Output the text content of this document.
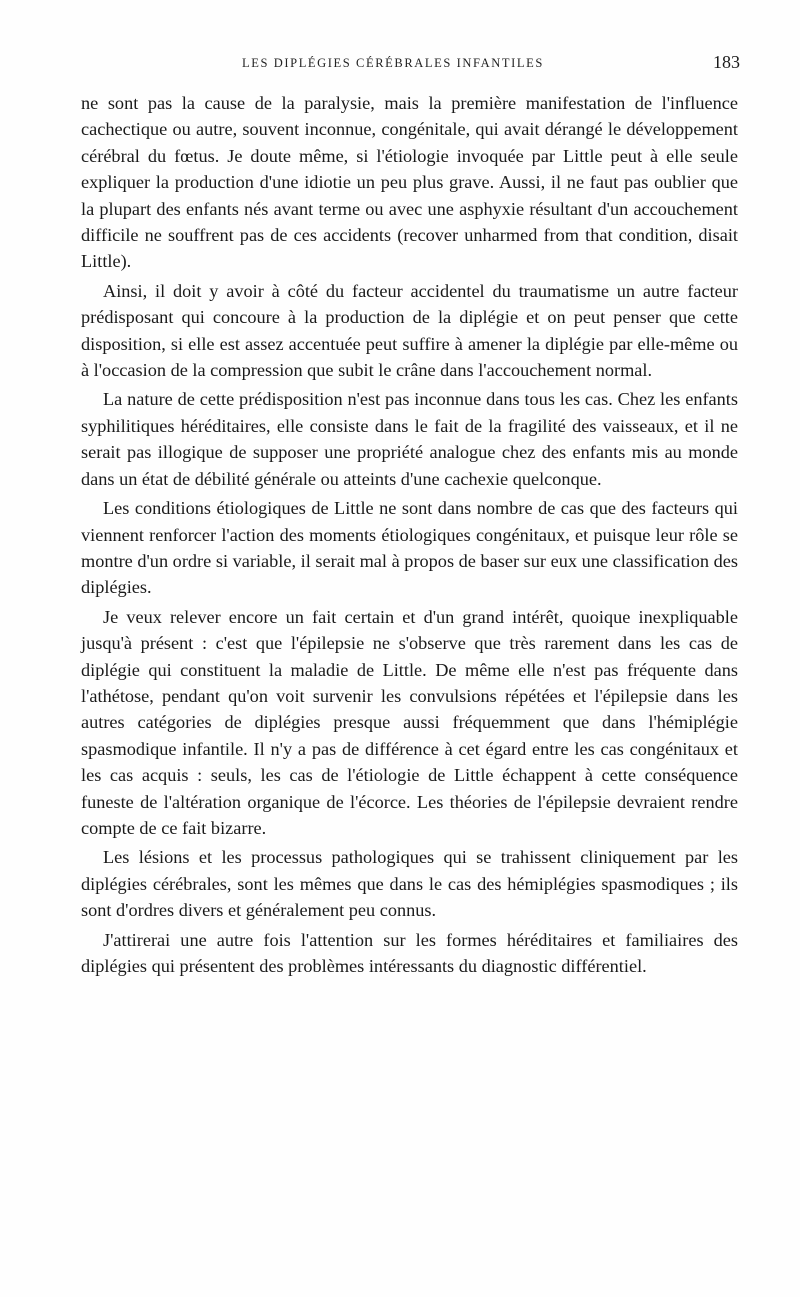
LES DIPLÉGIES CÉRÉBRALES INFANTILES	183

ne sont pas la cause de la paralysie, mais la première manifestation de l'influence cachectique ou autre, souvent inconnue, congénitale, qui avait dérangé le développement cérébral du fœtus. Je doute même, si l'étiologie invoquée par Little peut à elle seule expliquer la production d'une idiotie un peu plus grave. Aussi, il ne faut pas oublier que la plupart des enfants nés avant terme ou avec une asphyxie résultant d'un accouchement difficile ne souffrent pas de ces accidents (recover unharmed from that condition, disait Little).

Ainsi, il doit y avoir à côté du facteur accidentel du traumatisme un autre facteur prédisposant qui concoure à la production de la diplégie et on peut penser que cette disposition, si elle est assez accentuée peut suffire à amener la diplégie par elle-même ou à l'occasion de la compression que subit le crâne dans l'accouchement normal.

La nature de cette prédisposition n'est pas inconnue dans tous les cas. Chez les enfants syphilitiques héréditaires, elle consiste dans le fait de la fragilité des vaisseaux, et il ne serait pas illogique de supposer une propriété analogue chez des enfants mis au monde dans un état de débilité générale ou atteints d'une cachexie quelconque.

Les conditions étiologiques de Little ne sont dans nombre de cas que des facteurs qui viennent renforcer l'action des moments étiologiques congénitaux, et puisque leur rôle se montre d'un ordre si variable, il serait mal à propos de baser sur eux une classification des diplégies.

Je veux relever encore un fait certain et d'un grand intérêt, quoique inexpliquable jusqu'à présent : c'est que l'épilepsie ne s'observe que très rarement dans les cas de diplégie qui constituent la maladie de Little. De même elle n'est pas fréquente dans l'athétose, pendant qu'on voit survenir les convulsions répétées et l'épilepsie dans les autres catégories de diplégies presque aussi fréquemment que dans l'hémiplégie spasmodique infantile. Il n'y a pas de différence à cet égard entre les cas congénitaux et les cas acquis : seuls, les cas de l'étiologie de Little échappent à cette conséquence funeste de l'altération organique de l'écorce. Les théories de l'épilepsie devraient rendre compte de ce fait bizarre.

Les lésions et les processus pathologiques qui se trahissent cliniquement par les diplégies cérébrales, sont les mêmes que dans le cas des hémiplégies spasmodiques ; ils sont d'ordres divers et généralement peu connus.

J'attirerai une autre fois l'attention sur les formes héréditaires et familiaires des diplégies qui présentent des problèmes intéressants du diagnostic différentiel.
